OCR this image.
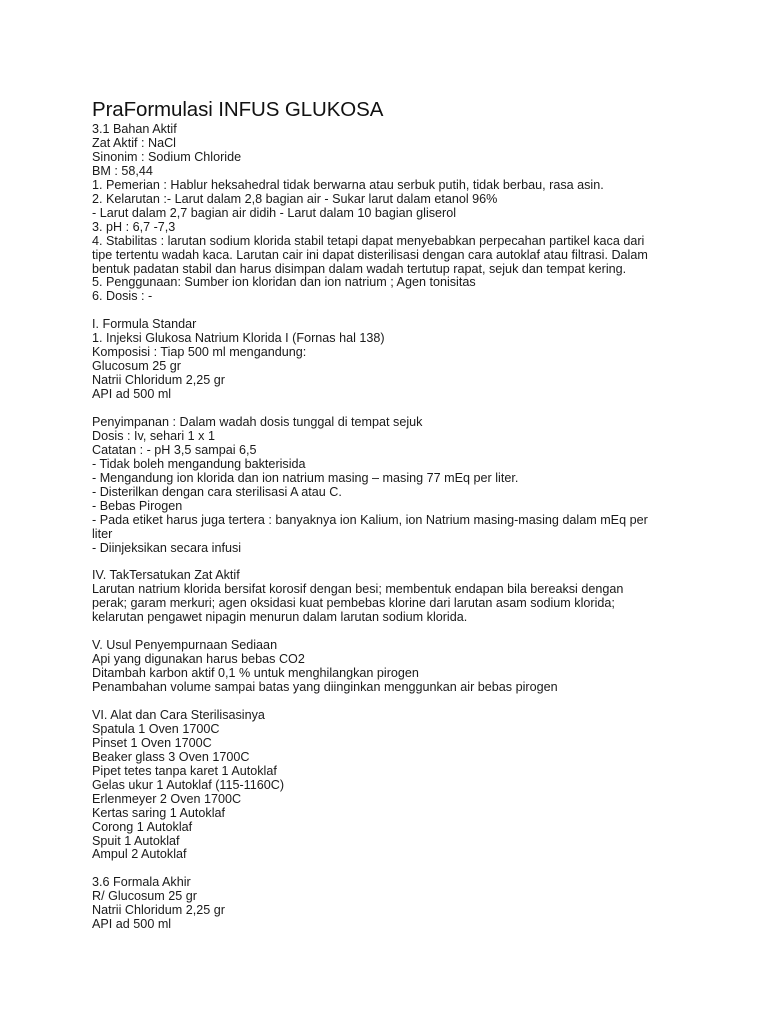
PraFormulasi INFUS GLUKOSA
3.1 Bahan Aktif
Zat Aktif : NaCl
Sinonim : Sodium Chloride
BM : 58,44
1. Pemerian : Hablur heksahedral tidak berwarna atau serbuk putih, tidak berbau, rasa asin.
2. Kelarutan :- Larut dalam 2,8 bagian air - Sukar larut dalam etanol 96%
- Larut dalam 2,7 bagian air didih - Larut dalam 10 bagian gliserol
3. pH : 6,7 -7,3
4. Stabilitas : larutan sodium klorida stabil tetapi dapat menyebabkan perpecahan partikel kaca dari
tipe tertentu wadah kaca. Larutan cair ini dapat disterilisasi dengan cara autoklaf atau filtrasi. Dalam
bentuk padatan stabil dan harus disimpan dalam wadah tertutup rapat, sejuk dan tempat kering.
5. Penggunaan: Sumber ion kloridan dan ion natrium ; Agen tonisitas
6. Dosis : -
I. Formula Standar
1. Injeksi Glukosa Natrium Klorida I (Fornas hal 138)
Komposisi : Tiap 500 ml mengandung:
Glucosum 25 gr
Natrii Chloridum 2,25 gr
API ad 500 ml
Penyimpanan : Dalam wadah dosis tunggal di tempat sejuk
Dosis : Iv, sehari 1 x 1
Catatan : - pH 3,5 sampai 6,5
- Tidak boleh mengandung bakterisida
- Mengandung ion klorida dan ion natrium masing – masing 77 mEq per liter.
- Disterilkan dengan cara sterilisasi A atau C.
- Bebas Pirogen
- Pada etiket harus juga tertera : banyaknya ion Kalium, ion Natrium masing-masing dalam mEq per
liter
- Diinjeksikan secara infusi
IV. TakTersatukan Zat Aktif
Larutan natrium klorida bersifat korosif dengan besi; membentuk endapan bila bereaksi dengan
perak; garam merkuri; agen oksidasi kuat pembebas klorine dari larutan asam sodium klorida;
kelarutan pengawet nipagin menurun dalam larutan sodium klorida.
V. Usul Penyempurnaan Sediaan
Api yang digunakan harus bebas CO2
Ditambah karbon aktif 0,1 % untuk menghilangkan pirogen
Penambahan volume sampai batas yang diinginkan menggunkan air bebas pirogen
VI. Alat dan Cara Sterilisasinya
Spatula 1 Oven 1700C
Pinset 1 Oven 1700C
Beaker glass 3 Oven 1700C
Pipet tetes tanpa karet 1 Autoklaf
Gelas ukur 1 Autoklaf (115-1160C)
Erlenmeyer 2 Oven 1700C
Kertas saring 1 Autoklaf
Corong 1 Autoklaf
Spuit 1 Autoklaf
Ampul 2 Autoklaf
3.6 Formala Akhir
R/ Glucosum 25 gr
Natrii Chloridum 2,25 gr
API ad 500 ml
